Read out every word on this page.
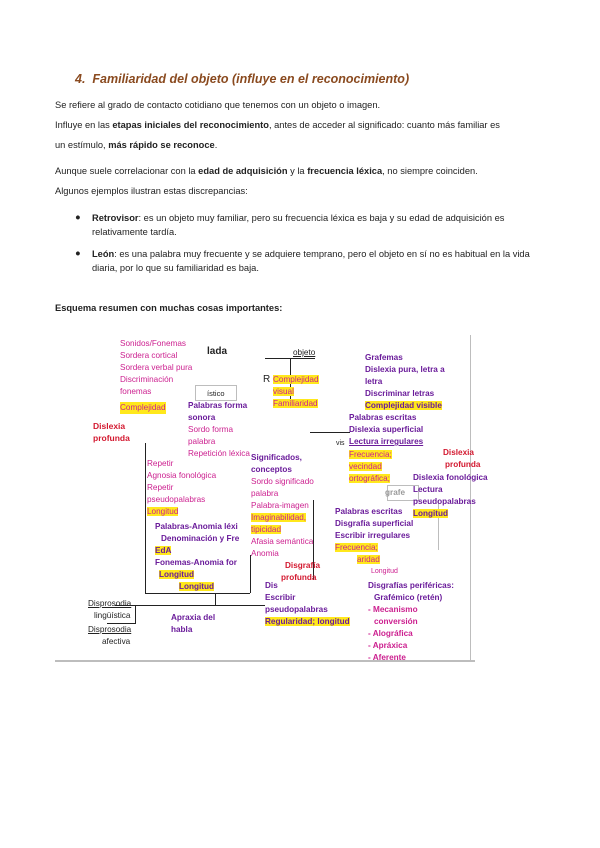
4. Familiaridad del objeto (influye en el reconocimiento)
Se refiere al grado de contacto cotidiano que tenemos con un objeto o imagen.
Influye en las etapas iniciales del reconocimiento, antes de acceder al significado: cuanto más familiar es
un estímulo, más rápido se reconoce.
Aunque suele correlacionar con la edad de adquisición y la frecuencia léxica, no siempre coinciden.
Algunos ejemplos ilustran estas discrepancias:
● Retrovisor: es un objeto muy familiar, pero su frecuencia léxica es baja y su edad de adquisición es relativamente tardía.
● León: es una palabra muy frecuente y se adquiere temprano, pero el objeto en sí no es habitual en la vida diaria, por lo que su familiaridad es baja.
Esquema resumen con muchas cosas importantes:
Sonidos/Fonemas
Sordera cortical
Sordera verbal pura
Discriminación
fonemas
Complejidad
lada
ístico
objeto
R Complejidad
visual
Familiaridad
Grafemas
Dislexia pura, letra a
letra
Discriminar letras
Complejidad visible
Dislexia
profunda
Palabras forma
sonora
Sordo forma
palabra
Repetición léxica
Palabras escritas
Dislexia superficial
Lectura irregulares
vis
Frecuencia;
vecindad
ortográfica;
grafe
Dislexia
profunda
Dislexia fonológica
Lectura
pseudopalabras
Longitud
Repetir
Agnosia fonológica
Repetir
pseudopalabras
Longitud
Significados,
conceptos
Sordo significado
palabra
Palabra-imagen
Imaginabilidad,
tipicidad
Afasia semántica
Anomia
Palabras-Anomia léxi
Denominación y Fre
EdA
Fonemas-Anomia for
Longitud
Longitud
Palabras escritas
Disgrafía superficial
Escribir irregulares
Frecuencia;
aridad
Longitud
Disgrafía
profunda
Dis
Escribir
pseudopalabras
Regularidad; longitud
Disgrafías periféricas:
Grafémico (retén)
- Mecanismo
conversión
- Alográfica
- Apráxica
- Aferente
Disprosodia
lingüística
Disprosodia
afectiva
Apraxia del
habla
